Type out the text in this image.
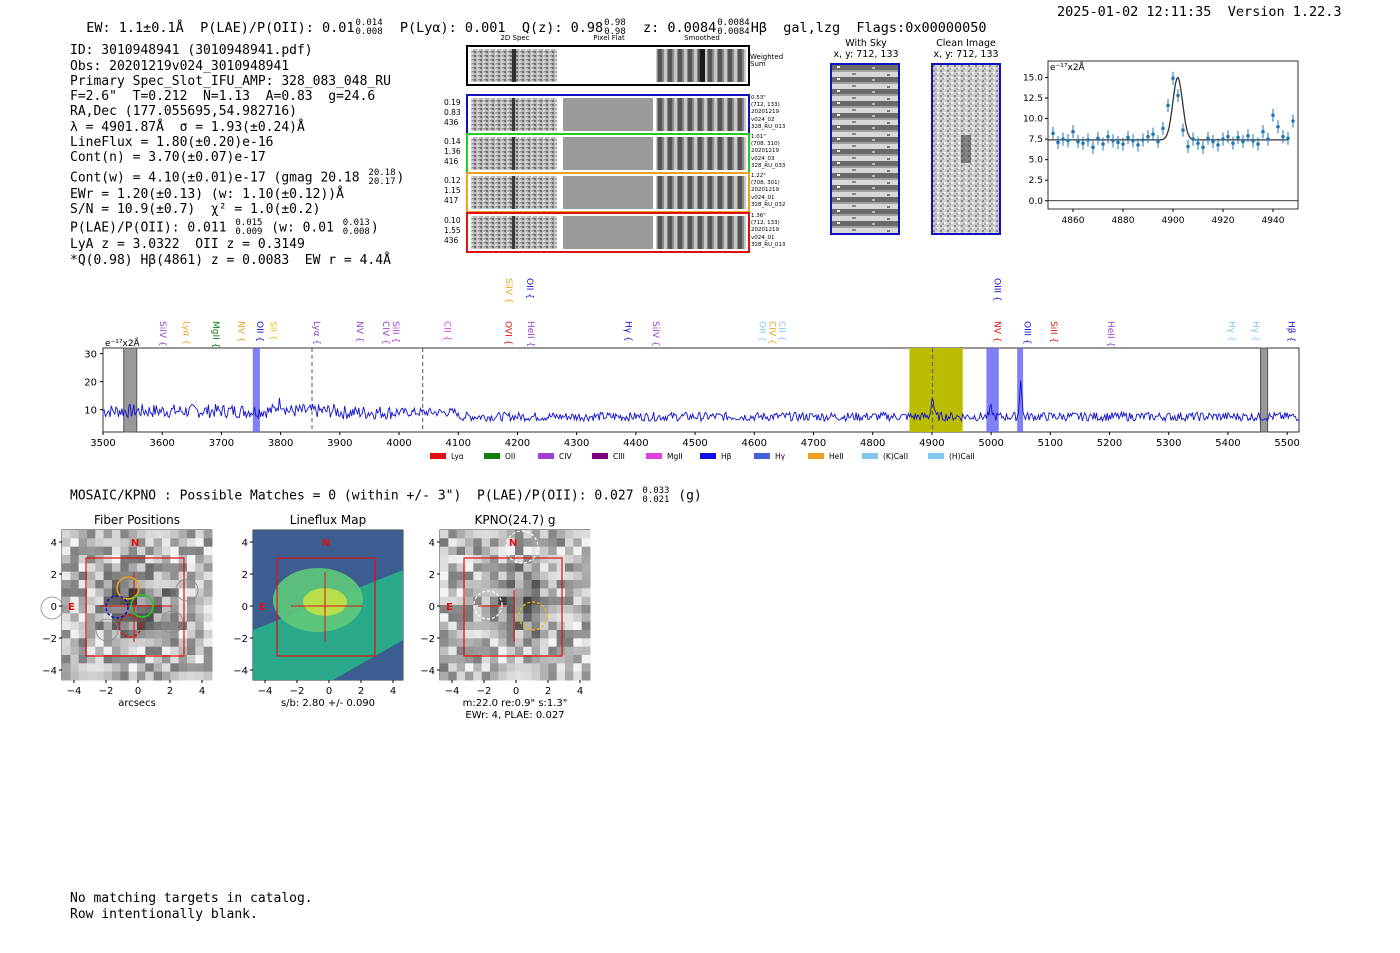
EW: 1.1±0.1Å P(LAE)/P(OII): 0.01 0.014
0.008 P(Lyα): 0.001 Q(z): 0.98 0.98
0.98 z: 0.0084 0.0084
0.0084 Hβ gal,lzg Flags:0x00000050

2025-01-02 12:11:35 Version 1.22.3

ID: 3010948941 (3010948941.pdf)
Obs: 20201219v024_3010948941
Primary Spec_Slot_IFU_AMP: 328_083_048_RU
F=2.6"  T=0.212  N=1.13  A=0.83  g=24.6
RA,Dec (177.055695,54.982716)
λ = 4901.87Å  σ = 1.93(±0.24)Å
LineFlux = 1.80(±0.20)e-16
Cont(n) = 3.70(±0.07)e-17
Cont(w) = 4.10(±0.01)e-17 (gmag 20.18 20.18
20.17 )
EWr = 1.20(±0.13) (w: 1.10(±0.12))Å
S/N = 10.9(±0.7)  χ² = 1.0(±0.2)
P(LAE)/P(OII): 0.011 0.015
0.009 (w: 0.01 0.013
0.008 )
LyA z = 3.0322  OII z = 0.3149
*Q(0.98) Hβ(4861) z = 0.0083  EW r = 4.4Å

2D Spec	Pixel Flat	Smoothed
Weighted
Sum
0.19
0.83
436
0.53"
(712, 133)
20201219
v024_02
328_RU_013
0.14
1.36
416
1.01"
(708, 310)
20201219
v024_03
328_RU_033
0.12
1.15
417
1.22"
(708, 301)
20201219
v024_01
328_RU_032
0.10
1.55
436
1.36"
(712, 133)
20201219
v024_01
328_RU_013
With Sky
x, y: 712, 133
Clean Image
x, y: 712, 133
4860	4880	4900	4920	4940
0.0
2.5
5.0
7.5
10.0
12.5
15.0
e⁻¹⁷x2Å
3500	3600	3700	3800	3900	4000	4100	4200	4300	4400	4500	4600	4700	4800	4900	5000	5100	5200	5300	5400	5500
10
20
30
e⁻¹⁷x2Å SiIV { Lyα { MgII { NV { OII { SII {	Lyα {	NV { CIV { SiII {	CII {
SiIV { OII {
OVI { HeII {	Hγ { SiIV {	OII { CIV { CII {
OIII {
NV { OIII { SiII {	HeII {	Hγ { Hγ {	Hβ {
Lyα	OII	CIV	CIII	MgII	Hβ	Hγ	HeII	(K)CaII	(H)CaII
MOSAIC/KPNO : Possible Matches = 0 (within +/- 3")  P(LAE)/P(OII): 0.027 0.033
0.021 (g)
Fiber Positions
N
E
4
2
0
−2
−4
−4 −2 0	2	4
arcsecs
Lineflux Map
N
E
4
2
0
−2
−4
−4 −2 0	2	4
s/b: 2.80 +/- 0.090
KPNO(24.7) g
N
E
4
2
0
−2
−4
−4 −2 0	2	4
m:22.0 re:0.9" s:1.3"
EWr: 4, PLAE: 0.027

No matching targets in catalog.
Row intentionally blank.
